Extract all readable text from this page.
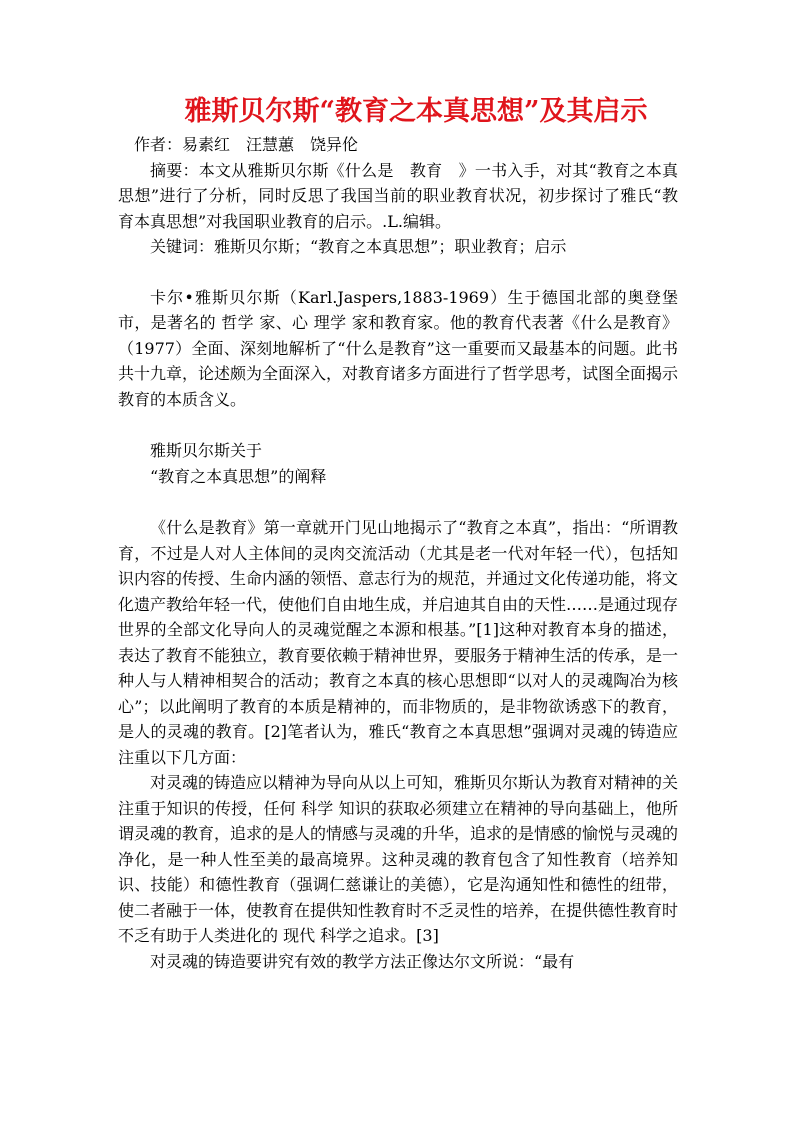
雅斯贝尔斯“教育之本真思想”及其启示

作者：易素红　汪慧蕙　饶异伦

摘要：本文从雅斯贝尔斯《什么是　教育　》一书入手，对其“教育之本真思想”进行了分析，同时反思了我国当前的职业教育状况，初步探讨了雅氏“教育本真思想”对我国职业教育的启示。.L.编辑。

关键词：雅斯贝尔斯；“教育之本真思想”；职业教育；启示

卡尔•雅斯贝尔斯（Karl.Jaspers,1883-1969）生于德国北部的奥登堡市，是著名的 哲学 家、心 理学 家和教育家。他的教育代表著《什么是教育》（1977）全面、深刻地解析了“什么是教育”这一重要而又最基本的问题。此书共十九章，论述颇为全面深入，对教育诸多方面进行了哲学思考，试图全面揭示教育的本质含义。

雅斯贝尔斯关于

“教育之本真思想”的阐释

《什么是教育》第一章就开门见山地揭示了“教育之本真”，指出：“所谓教育，不过是人对人主体间的灵肉交流活动（尤其是老一代对年轻一代），包括知识内容的传授、生命内涵的领悟、意志行为的规范，并通过文化传递功能，将文化遗产教给年轻一代，使他们自由地生成，并启迪其自由的天性……是通过现存世界的全部文化导向人的灵魂觉醒之本源和根基。”[1]这种对教育本身的描述，表达了教育不能独立，教育要依赖于精神世界，要服务于精神生活的传承，是一种人与人精神相契合的活动；教育之本真的核心思想即“以对人的灵魂陶冶为核心”；以此阐明了教育的本质是精神的，而非物质的，是非物欲诱惑下的教育，是人的灵魂的教育。[2]笔者认为，雅氏“教育之本真思想”强调对灵魂的铸造应注重以下几方面：

对灵魂的铸造应以精神为导向从以上可知，雅斯贝尔斯认为教育对精神的关注重于知识的传授，任何 科学 知识的获取必须建立在精神的导向基础上，他所谓灵魂的教育，追求的是人的情感与灵魂的升华，追求的是情感的愉悦与灵魂的净化，是一种人性至美的最高境界。这种灵魂的教育包含了知性教育（培养知识、技能）和德性教育（强调仁慈谦让的美德），它是沟通知性和德性的纽带，使二者融于一体，使教育在提供知性教育时不乏灵性的培养，在提供德性教育时不乏有助于人类进化的 现代 科学之追求。[3]

对灵魂的铸造要讲究有效的教学方法正像达尔文所说：“最有
